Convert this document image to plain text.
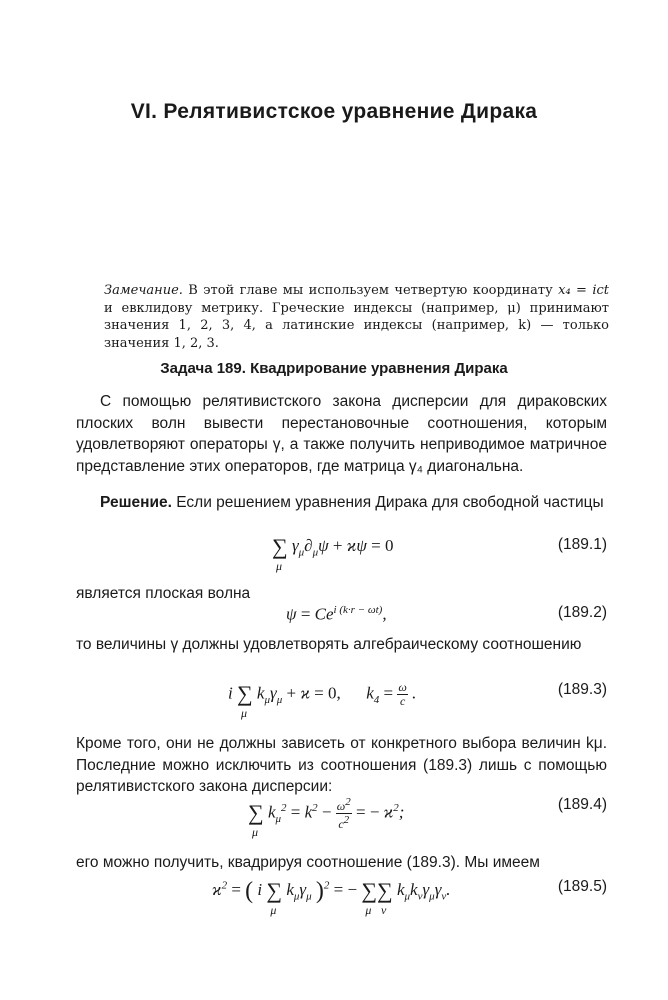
VI. Релятивистское уравнение Дирака
Замечание. В этой главе мы используем четвертую координату x₄ = ict и евклидову метрику. Греческие индексы (например, μ) принимают значения 1, 2, 3, 4, а латинские индексы (например, k) — только значения 1, 2, 3.
Задача 189. Квадрирование уравнения Дирака
С помощью релятивистского закона дисперсии для дираковских плоских волн вывести перестановочные соотношения, которым удовлетворяют операторы γ, а также получить неприводимое матричное представление этих операторов, где матрица γ₄ диагональна.
Решение. Если решением уравнения Дирака для свободной частицы
∑
μ
$\gamma_\mu\partial_\mu\psi + ϰ\psi = 0$	(189.1)
является плоская волна
$\psi = Ce^{i (k\cdot r - \omega t)}$,	(189.2)
то величины γ должны удовлетворять алгебраическому соотношению
i ∑
μ
$k_\mu\gamma_\mu + ϰ = 0$,      $k_4 = \frac{\omega}{c}$ .	(189.3)
Кроме того, они не должны зависеть от конкретного выбора величин kμ. Последние можно исключить из соотношения (189.3) лишь с помощью релятивистского закона дисперсии:
∑
μ
$k_\mu^2 = k^2 - \frac{\omega^2}{c^2}$ = − $ϰ^2$;	(189.4)
его можно получить, квадрируя соотношение (189.3). Мы имеем
$ϰ^2$ = ( i ∑
μ
$k_\mu\gamma_\mu$ )$^2$ = − ∑
μ
∑
ν
$k_\mu k_\nu\gamma_\mu\gamma_\nu$.	(189.5)
